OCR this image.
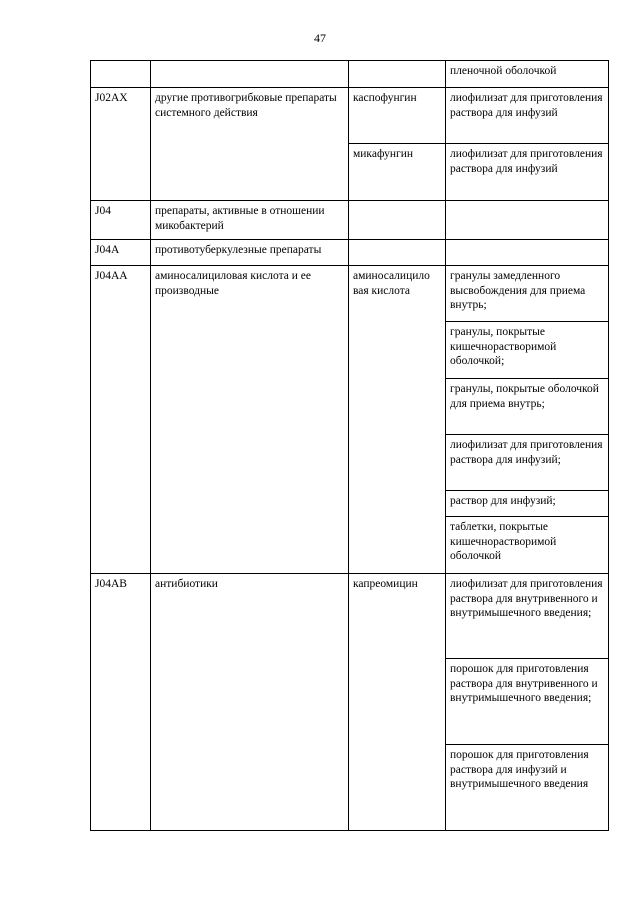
47

			пленочной оболочкой

J02AX	другие противогрибковые препараты системного действия	каспофунгин	лиофилизат для приготовления раствора для инфузий

		микафунгин	лиофилизат для приготовления раствора для инфузий

J04	препараты, активные в отношении микобактерий		

J04A	противотуберкулезные препараты		

J04AA	аминосалициловая кислота и ее производные	аминосалицило вая кислота	гранулы замедленного высвобождения для приема внутрь;

			гранулы, покрытые кишечнорастворимой оболочкой;

			гранулы, покрытые оболочкой для приема внутрь;

			лиофилизат для приготовления раствора для инфузий;

			раствор для инфузий;

			таблетки, покрытые кишечнорастворимой оболочкой

J04AB	антибиотики	капреомицин	лиофилизат для приготовления раствора для внутривенного и внутримышечного введения;

			порошок для приготовления раствора для внутривенного и внутримышечного введения;

			порошок для приготовления раствора для инфузий и внутримышечного введения
